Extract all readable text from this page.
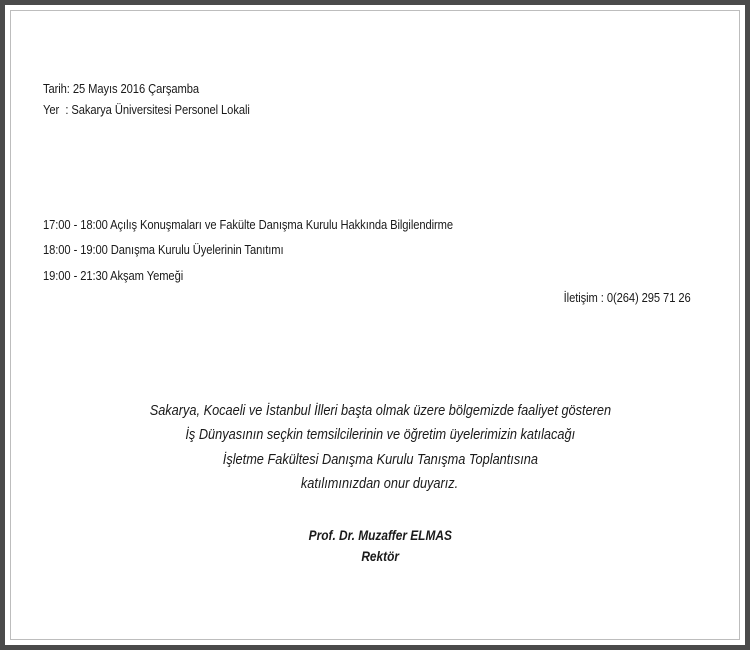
Tarih: 25 Mayıs 2016 Çarşamba
Yer : Sakarya Üniversitesi Personel Lokali
17:00 - 18:00 Açılış Konuşmaları ve Fakülte Danışma Kurulu Hakkında Bilgilendirme
18:00 - 19:00 Danışma Kurulu Üyelerinin Tanıtımı
19:00 - 21:30 Akşam Yemeği
İletişim : 0(264) 295 71 26
Sakarya, Kocaeli ve İstanbul İlleri başta olmak üzere bölgemizde faaliyet gösteren
İş Dünyasının seçkin temsilcilerinin ve öğretim üyelerimizin katılacağı
İşletme Fakültesi Danışma Kurulu Tanışma Toplantısına
katılımınızdan onur duyarız.
Prof. Dr. Muzaffer ELMAS
Rektör
